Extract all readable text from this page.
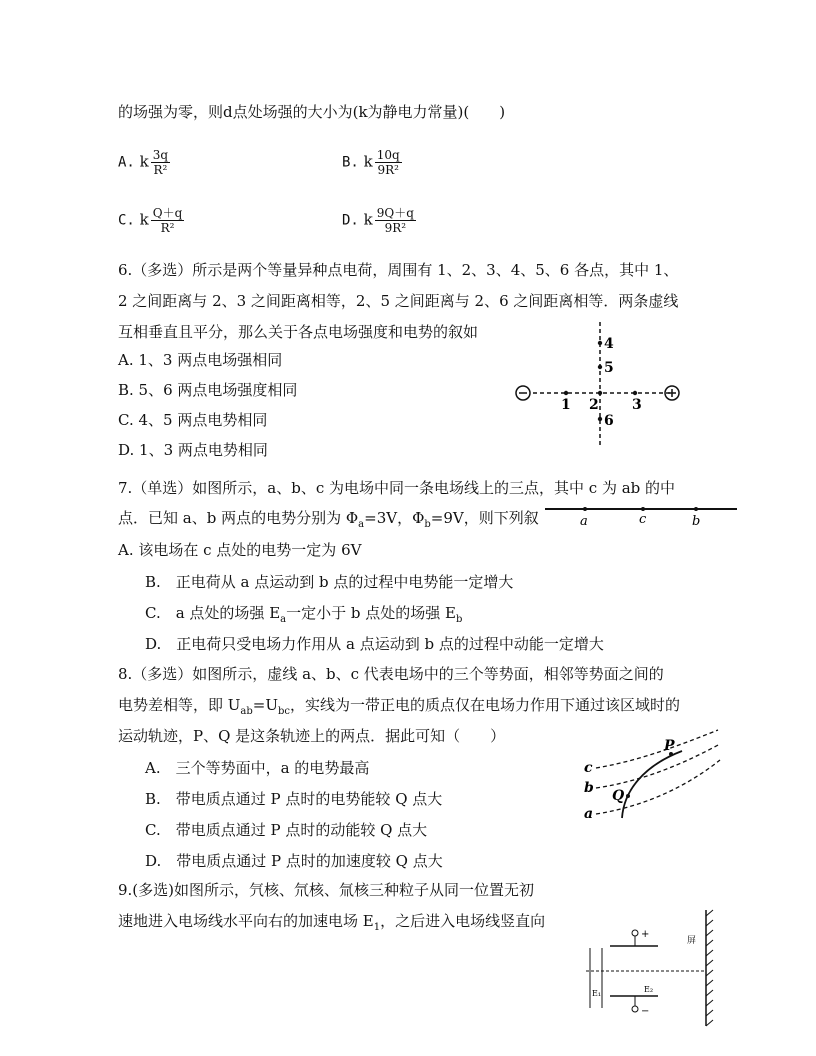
的场强为零，则d点处场强的大小为(k为静电力常量)(　　)
A. k $\frac{3q}{\text{R²}}$	B. k $\frac{10q}{\text{9R²}}$
C. k $\frac{Q+q}{\text{R²}}$	D. k $\frac{9Q+q}{\text{9R²}}$
6.（多选）所示是两个等量异种点电荷，周围有 1、2、3、4、5、6 各点，其中 1、
2 之间距离与 2、3 之间距离相等，2、5 之间距离与 2、6 之间距离相等．两条虚线
互相垂直且平分，那么关于各点电场强度和电势的叙如
A. 1、3 两点电场强相同
B. 5、6 两点电场强度相同
C. 4、5 两点电势相同
D. 1、3 两点电势相同
1 2 3
4
5
6
7.（单选）如图所示，a、b、c 为电场中同一条电场线上的三点，其中 c 为 ab 的中
点．已知 a、b 两点的电势分别为 $\Phi_a=3V$，$\Phi_b=9V$，则下列叙	a	c	b
A. 该电场在 c 点处的电势一定为 6V
B.　正电荷从 a 点运动到 b 点的过程中电势能一定增大
C.　a 点处的场强 $E_a$一定小于 b 点处的场强 $E_b$
D.　正电荷只受电场力作用从 a 点运动到 b 点的过程中动能一定增大
8.（多选）如图所示，虚线 a、b、c 代表电场中的三个等势面，相邻等势面之间的
电势差相等，即 $U_{ab}=U_{bc}$，实线为一带正电的质点仅在电场力作用下通过该区域时的
运动轨迹，P、Q 是这条轨迹上的两点．据此可知（　　）
A.　三个等势面中，a 的电势最高
B.　带电质点通过 P 点时的电势能较 Q 点大
C.　带电质点通过 P 点时的动能较 Q 点大
D.　带电质点通过 P 点时的加速度较 Q 点大
c
b
a
P
Q
9.(多选)如图所示，氕核、氘核、氚核三种粒子从同一位置无初
速地进入电场线水平向右的加速电场 $E_1$，之后进入电场线竖直向
屏
+
−
E₁	E₂
